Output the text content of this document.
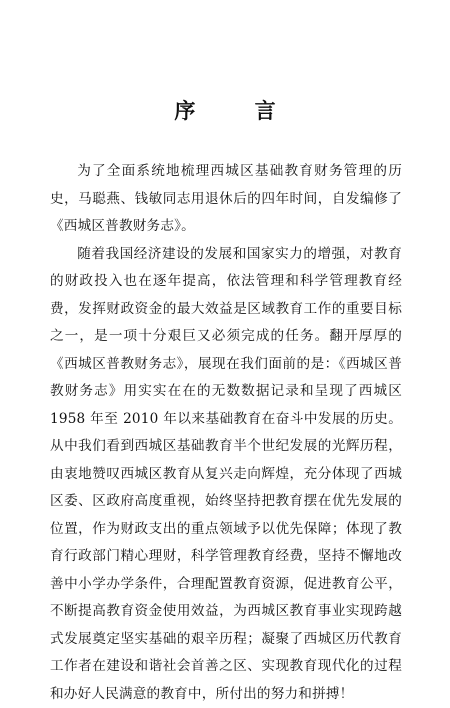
序 言

为了全面系统地梳理西城区基础教育财务管理的历史，马聪燕、钱敏同志用退休后的四年时间，自发编修了《西城区普教财务志》。

随着我国经济建设的发展和国家实力的增强，对教育的财政投入也在逐年提高，依法管理和科学管理教育经费，发挥财政资金的最大效益是区域教育工作的重要目标之一，是一项十分艰巨又必须完成的任务。翻开厚厚的《西城区普教财务志》，展现在我们面前的是：《西城区普教财务志》用实实在在的无数数据记录和呈现了西城区 1958 年至 2010 年以来基础教育在奋斗中发展的历史。从中我们看到西城区基础教育半个世纪发展的光辉历程，由衷地赞叹西城区教育从复兴走向辉煌，充分体现了西城区委、区政府高度重视，始终坚持把教育摆在优先发展的位置，作为财政支出的重点领域予以优先保障；体现了教育行政部门精心理财，科学管理教育经费，坚持不懈地改善中小学办学条件，合理配置教育资源，促进教育公平，不断提高教育资金使用效益，为西城区教育事业实现跨越式发展奠定坚实基础的艰辛历程；凝聚了西城区历代教育工作者在建设和谐社会首善之区、实现教育现代化的过程和办好人民满意的教育中，所付出的努力和拼搏！
